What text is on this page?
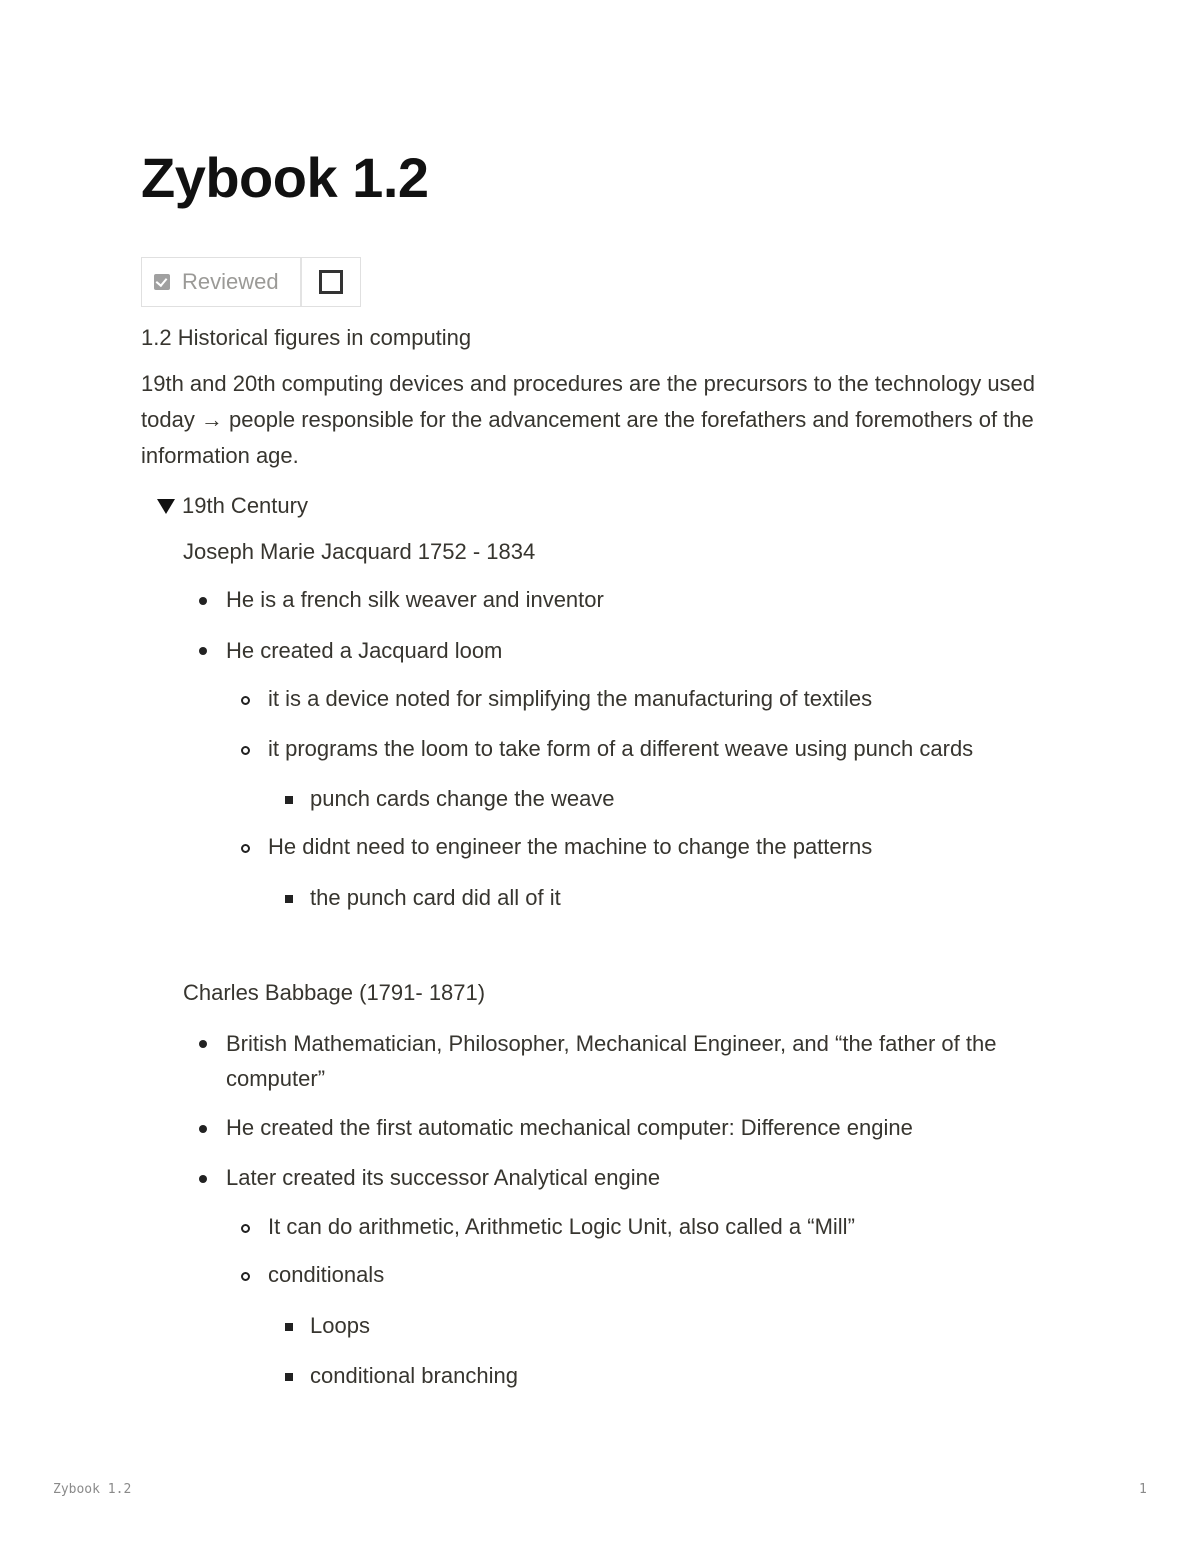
Zybook 1.2
Reviewed
1.2 Historical figures in computing
19th and 20th computing devices and procedures are the precursors to the technology used today → people responsible for the advancement are the forefathers and foremothers of the information age.
19th Century
Joseph Marie Jacquard 1752 - 1834
He is a french silk weaver and inventor
He created a Jacquard loom
it is a device noted for simplifying the manufacturing of textiles
it programs the loom to take form of a different weave using punch cards
punch cards change the weave
He didnt need to engineer the machine to change the patterns
the punch card did all of it
Charles Babbage (1791- 1871)
British Mathematician, Philosopher, Mechanical Engineer, and “the father of the
computer”
He created the first automatic mechanical computer: Difference engine
Later created its successor Analytical engine
It can do arithmetic, Arithmetic Logic Unit, also called a “Mill”
conditionals
Loops
conditional branching
Zybook 1.2	1
